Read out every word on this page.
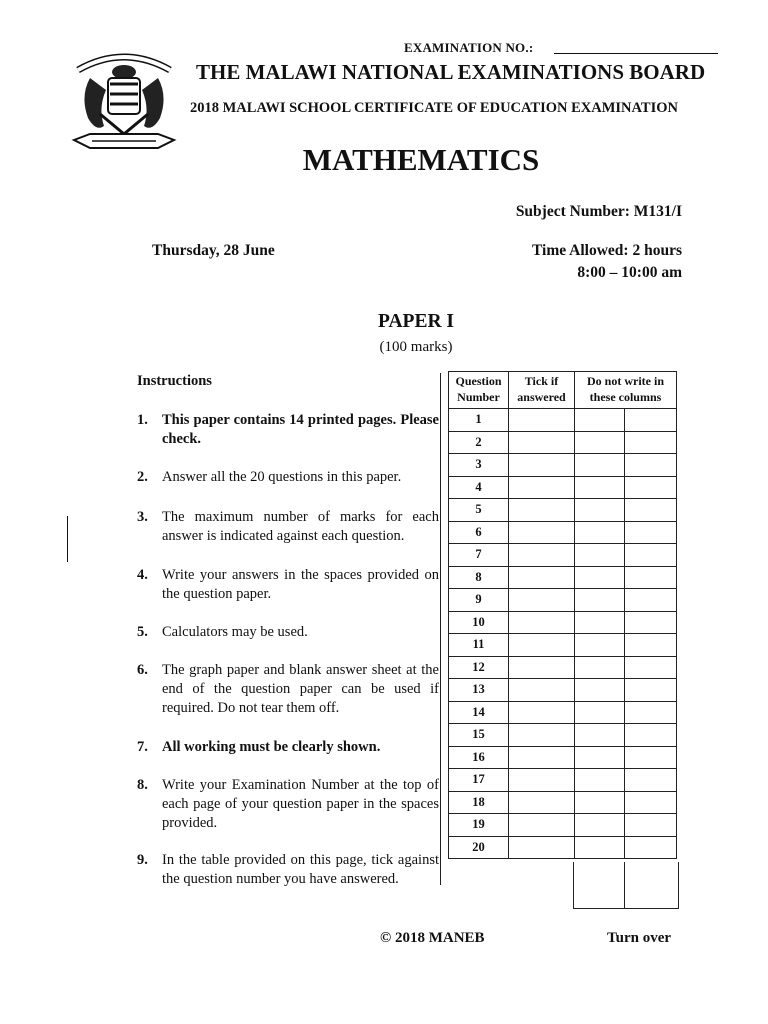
EXAMINATION NO.:
THE MALAWI NATIONAL EXAMINATIONS BOARD
2018 MALAWI SCHOOL CERTIFICATE OF EDUCATION EXAMINATION
MATHEMATICS
Subject Number: M131/I
Thursday, 28 June	Time Allowed: 2 hours
8:00 – 10:00 am
PAPER I
(100 marks)
Instructions
1. This paper contains 14 printed pages. Please check.
2. Answer all the 20 questions in this paper.
3. The maximum number of marks for each answer is indicated against each question.
4. Write your answers in the spaces provided on the question paper.
5. Calculators may be used.
6. The graph paper and blank answer sheet at the end of the question paper can be used if required. Do not tear them off.
7. All working must be clearly shown.
8. Write your Examination Number at the top of each page of your question paper in the spaces provided.
9. In the table provided on this page, tick against the question number you have answered.
Question Number	Tick if answered	Do not write in these columns	
1			
2			
3			
4			
5			
6			
7			
8			
9			
10			
11			
12			
13			
14			
15			
16			
17			
18			
19			
20			
© 2018 MANEB	Turn over
